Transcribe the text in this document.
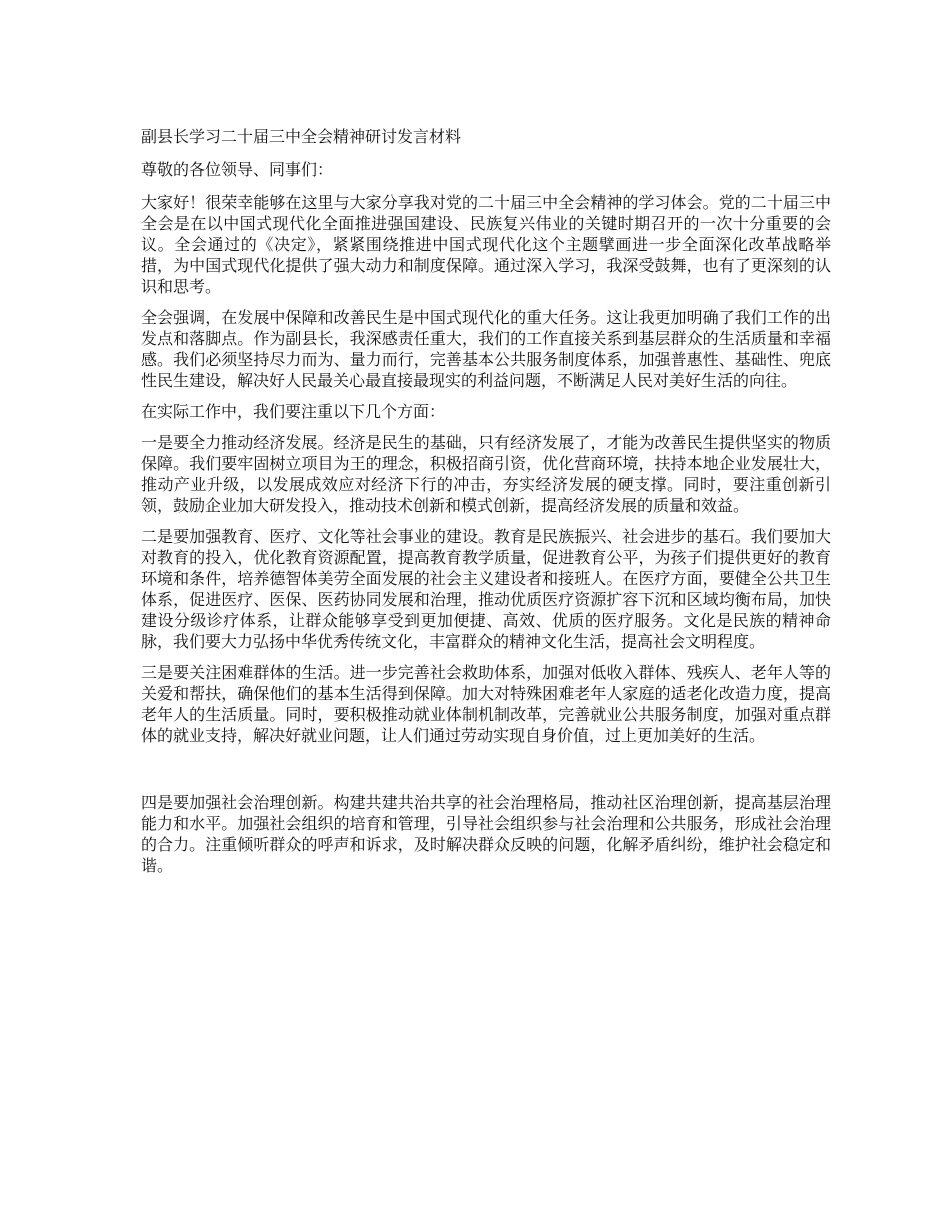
副县长学习二十届三中全会精神研讨发言材料
尊敬的各位领导、同事们：

大家好！很荣幸能够在这里与大家分享我对党的二十届三中全会精神的学习体会。党的二十届三中全会是在以中国式现代化全面推进强国建设、民族复兴伟业的关键时期召开的一次十分重要的会议。全会通过的《决定》，紧紧围绕推进中国式现代化这个主题擘画进一步全面深化改革战略举措，为中国式现代化提供了强大动力和制度保障。通过深入学习，我深受鼓舞，也有了更深刻的认识和思考。

全会强调，在发展中保障和改善民生是中国式现代化的重大任务。这让我更加明确了我们工作的出发点和落脚点。作为副县长，我深感责任重大，我们的工作直接关系到基层群众的生活质量和幸福感。我们必须坚持尽力而为、量力而行，完善基本公共服务制度体系，加强普惠性、基础性、兜底性民生建设，解决好人民最关心最直接最现实的利益问题，不断满足人民对美好生活的向往。

在实际工作中，我们要注重以下几个方面：

一是要全力推动经济发展。经济是民生的基础，只有经济发展了，才能为改善民生提供坚实的物质保障。我们要牢固树立项目为王的理念，积极招商引资，优化营商环境，扶持本地企业发展壮大，推动产业升级，以发展成效应对经济下行的冲击，夯实经济发展的硬支撑。同时，要注重创新引领，鼓励企业加大研发投入，推动技术创新和模式创新，提高经济发展的质量和效益。

二是要加强教育、医疗、文化等社会事业的建设。教育是民族振兴、社会进步的基石。我们要加大对教育的投入，优化教育资源配置，提高教育教学质量，促进教育公平，为孩子们提供更好的教育环境和条件，培养德智体美劳全面发展的社会主义建设者和接班人。在医疗方面，要健全公共卫生体系，促进医疗、医保、医药协同发展和治理，推动优质医疗资源扩容下沉和区域均衡布局，加快建设分级诊疗体系，让群众能够享受到更加便捷、高效、优质的医疗服务。文化是民族的精神命脉，我们要大力弘扬中华优秀传统文化，丰富群众的精神文化生活，提高社会文明程度。

三是要关注困难群体的生活。进一步完善社会救助体系，加强对低收入群体、残疾人、老年人等的关爱和帮扶，确保他们的基本生活得到保障。加大对特殊困难老年人家庭的适老化改造力度，提高老年人的生活质量。同时，要积极推动就业体制机制改革，完善就业公共服务制度，加强对重点群体的就业支持，解决好就业问题，让人们通过劳动实现自身价值，过上更加美好的生活。

四是要加强社会治理创新。构建共建共治共享的社会治理格局，推动社区治理创新，提高基层治理能力和水平。加强社会组织的培育和管理，引导社会组织参与社会治理和公共服务，形成社会治理的合力。注重倾听群众的呼声和诉求，及时解决群众反映的问题，化解矛盾纠纷，维护社会稳定和谐。
